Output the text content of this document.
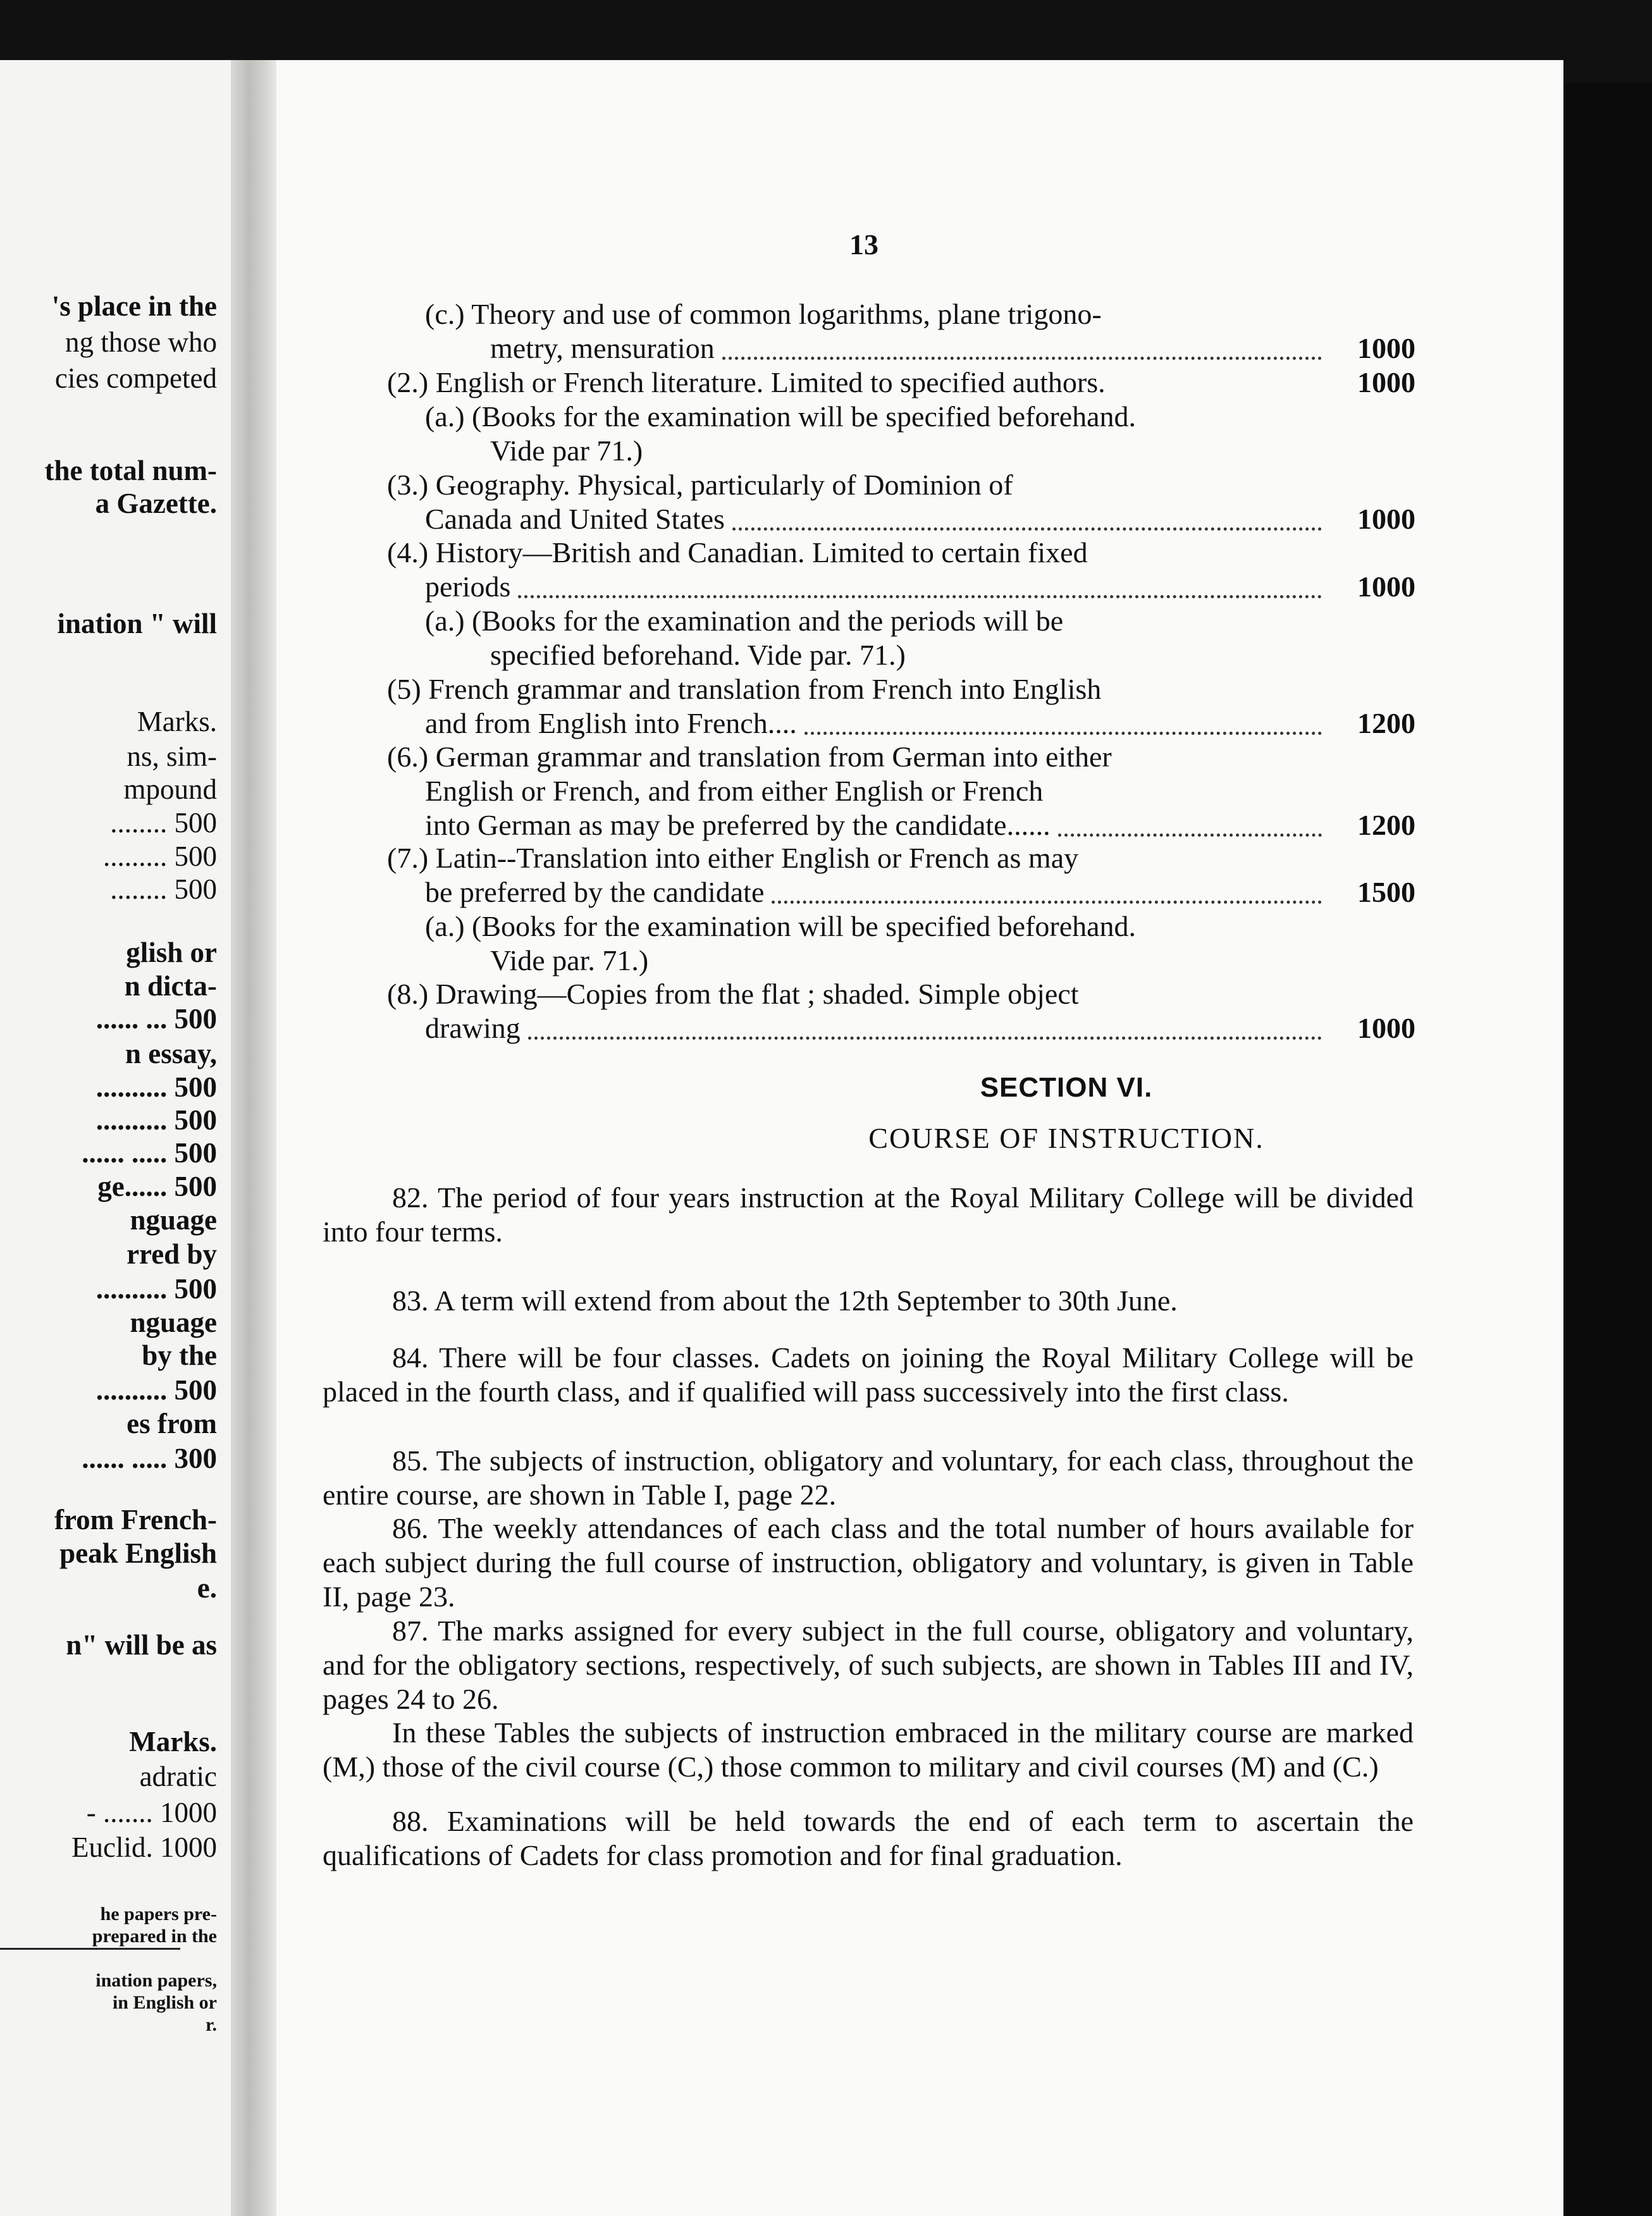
's place in the
ng those who
cies competed
the total num-
a Gazette.
ination " will
Marks.
ns, sim-
mpound
........ 500
......... 500
........ 500
glish or
n dicta-
...... ... 500
n essay,
.......... 500
.......... 500
...... ..... 500
ge...... 500
nguage
rred by
.......... 500
nguage
by the
.......... 500
es from
...... ..... 300
from French-
peak English
e.
n" will be as
Marks.
adratic
- ....... 1000
Euclid. 1000
he papers pre-
prepared in the
ination papers,
in English or
r.
13
(c.) Theory and use of common logarithms, plane trigono-
metry, mensuration	1000
(2.) English or French literature. Limited to specified authors.	1000
(a.) (Books for the examination will be specified beforehand.
Vide par 71.)
(3.) Geography. Physical, particularly of Dominion of
Canada and United States	1000
(4.) History—British and Canadian. Limited to certain fixed
periods	1000
(a.) (Books for the examination and the periods will be
specified beforehand. Vide par. 71.)
(5) French grammar and translation from French into English
and from English into French....	1200
(6.) German grammar and translation from German into either
English or French, and from either English or French
into German as may be preferred by the candidate......	1200
(7.) Latin--Translation into either English or French as may
be preferred by the candidate	1500
(a.) (Books for the examination will be specified beforehand.
Vide par. 71.)
(8.) Drawing—Copies from the flat ; shaded. Simple object
drawing	1000
SECTION VI.
COURSE OF INSTRUCTION.
82. The period of four years instruction at the Royal Military College will be divided into four terms.
83. A term will extend from about the 12th September to 30th June.
84. There will be four classes. Cadets on joining the Royal Military College will be placed in the fourth class, and if qualified will pass successively into the first class.
85. The subjects of instruction, obligatory and voluntary, for each class, throughout the entire course, are shown in Table I, page 22.
86. The weekly attendances of each class and the total number of hours available for each subject during the full course of instruction, obligatory and voluntary, is given in Table II, page 23.
87. The marks assigned for every subject in the full course, obligatory and voluntary, and for the obligatory sections, respectively, of such subjects, are shown in Tables III and IV, pages 24 to 26.
In these Tables the subjects of instruction embraced in the military course are marked (M,) those of the civil course (C,) those common to military and civil courses (M) and (C.)
88. Examinations will be held towards the end of each term to ascertain the qualifications of Cadets for class promotion and for final graduation.
